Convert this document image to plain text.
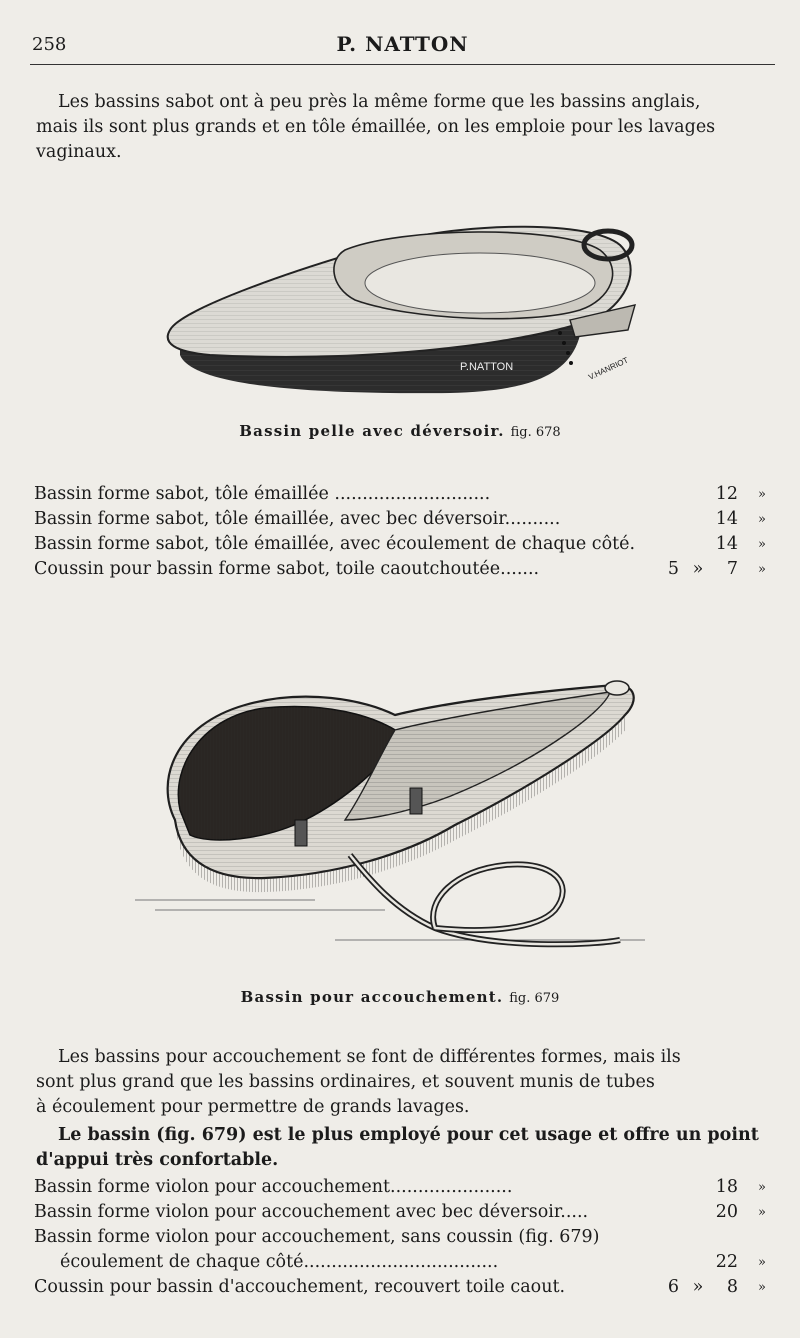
258	P. NATTON
Les bassins sabot ont à peu près la même forme que les bassins anglais,
mais ils sont plus grands et en tôle émaillée, on les emploie pour les lavages
vaginaux.
P.NATTON	V.HANRIOT
Bassin pelle avec déversoir. fig. 678
Bassin forme sabot, tôle émaillée ............................	12	»
Bassin forme sabot, tôle émaillée, avec bec déversoir..........	14	»
Bassin forme sabot, tôle émaillée, avec écoulement de chaque côté.	14	»
Coussin pour bassin forme sabot, toile caoutchoutée.......	5 »	7	»
Bassin pour accouchement. fig. 679
Les bassins pour accouchement se font de différentes formes, mais ils
sont plus grand que les bassins ordinaires, et souvent munis de tubes
à écoulement pour permettre de grands lavages.
Le bassin (fig. 679) est le plus employé pour cet usage et offre un point
d'appui très confortable.
Bassin forme violon pour accouchement......................	18	»
Bassin forme violon pour accouchement avec bec déversoir.....	20	»
Bassin forme violon pour accouchement, sans coussin (fig. 679)
écoulement de chaque côté...................................	22	»
Coussin pour bassin d'accouchement, recouvert toile caout.	6 »	8	»
